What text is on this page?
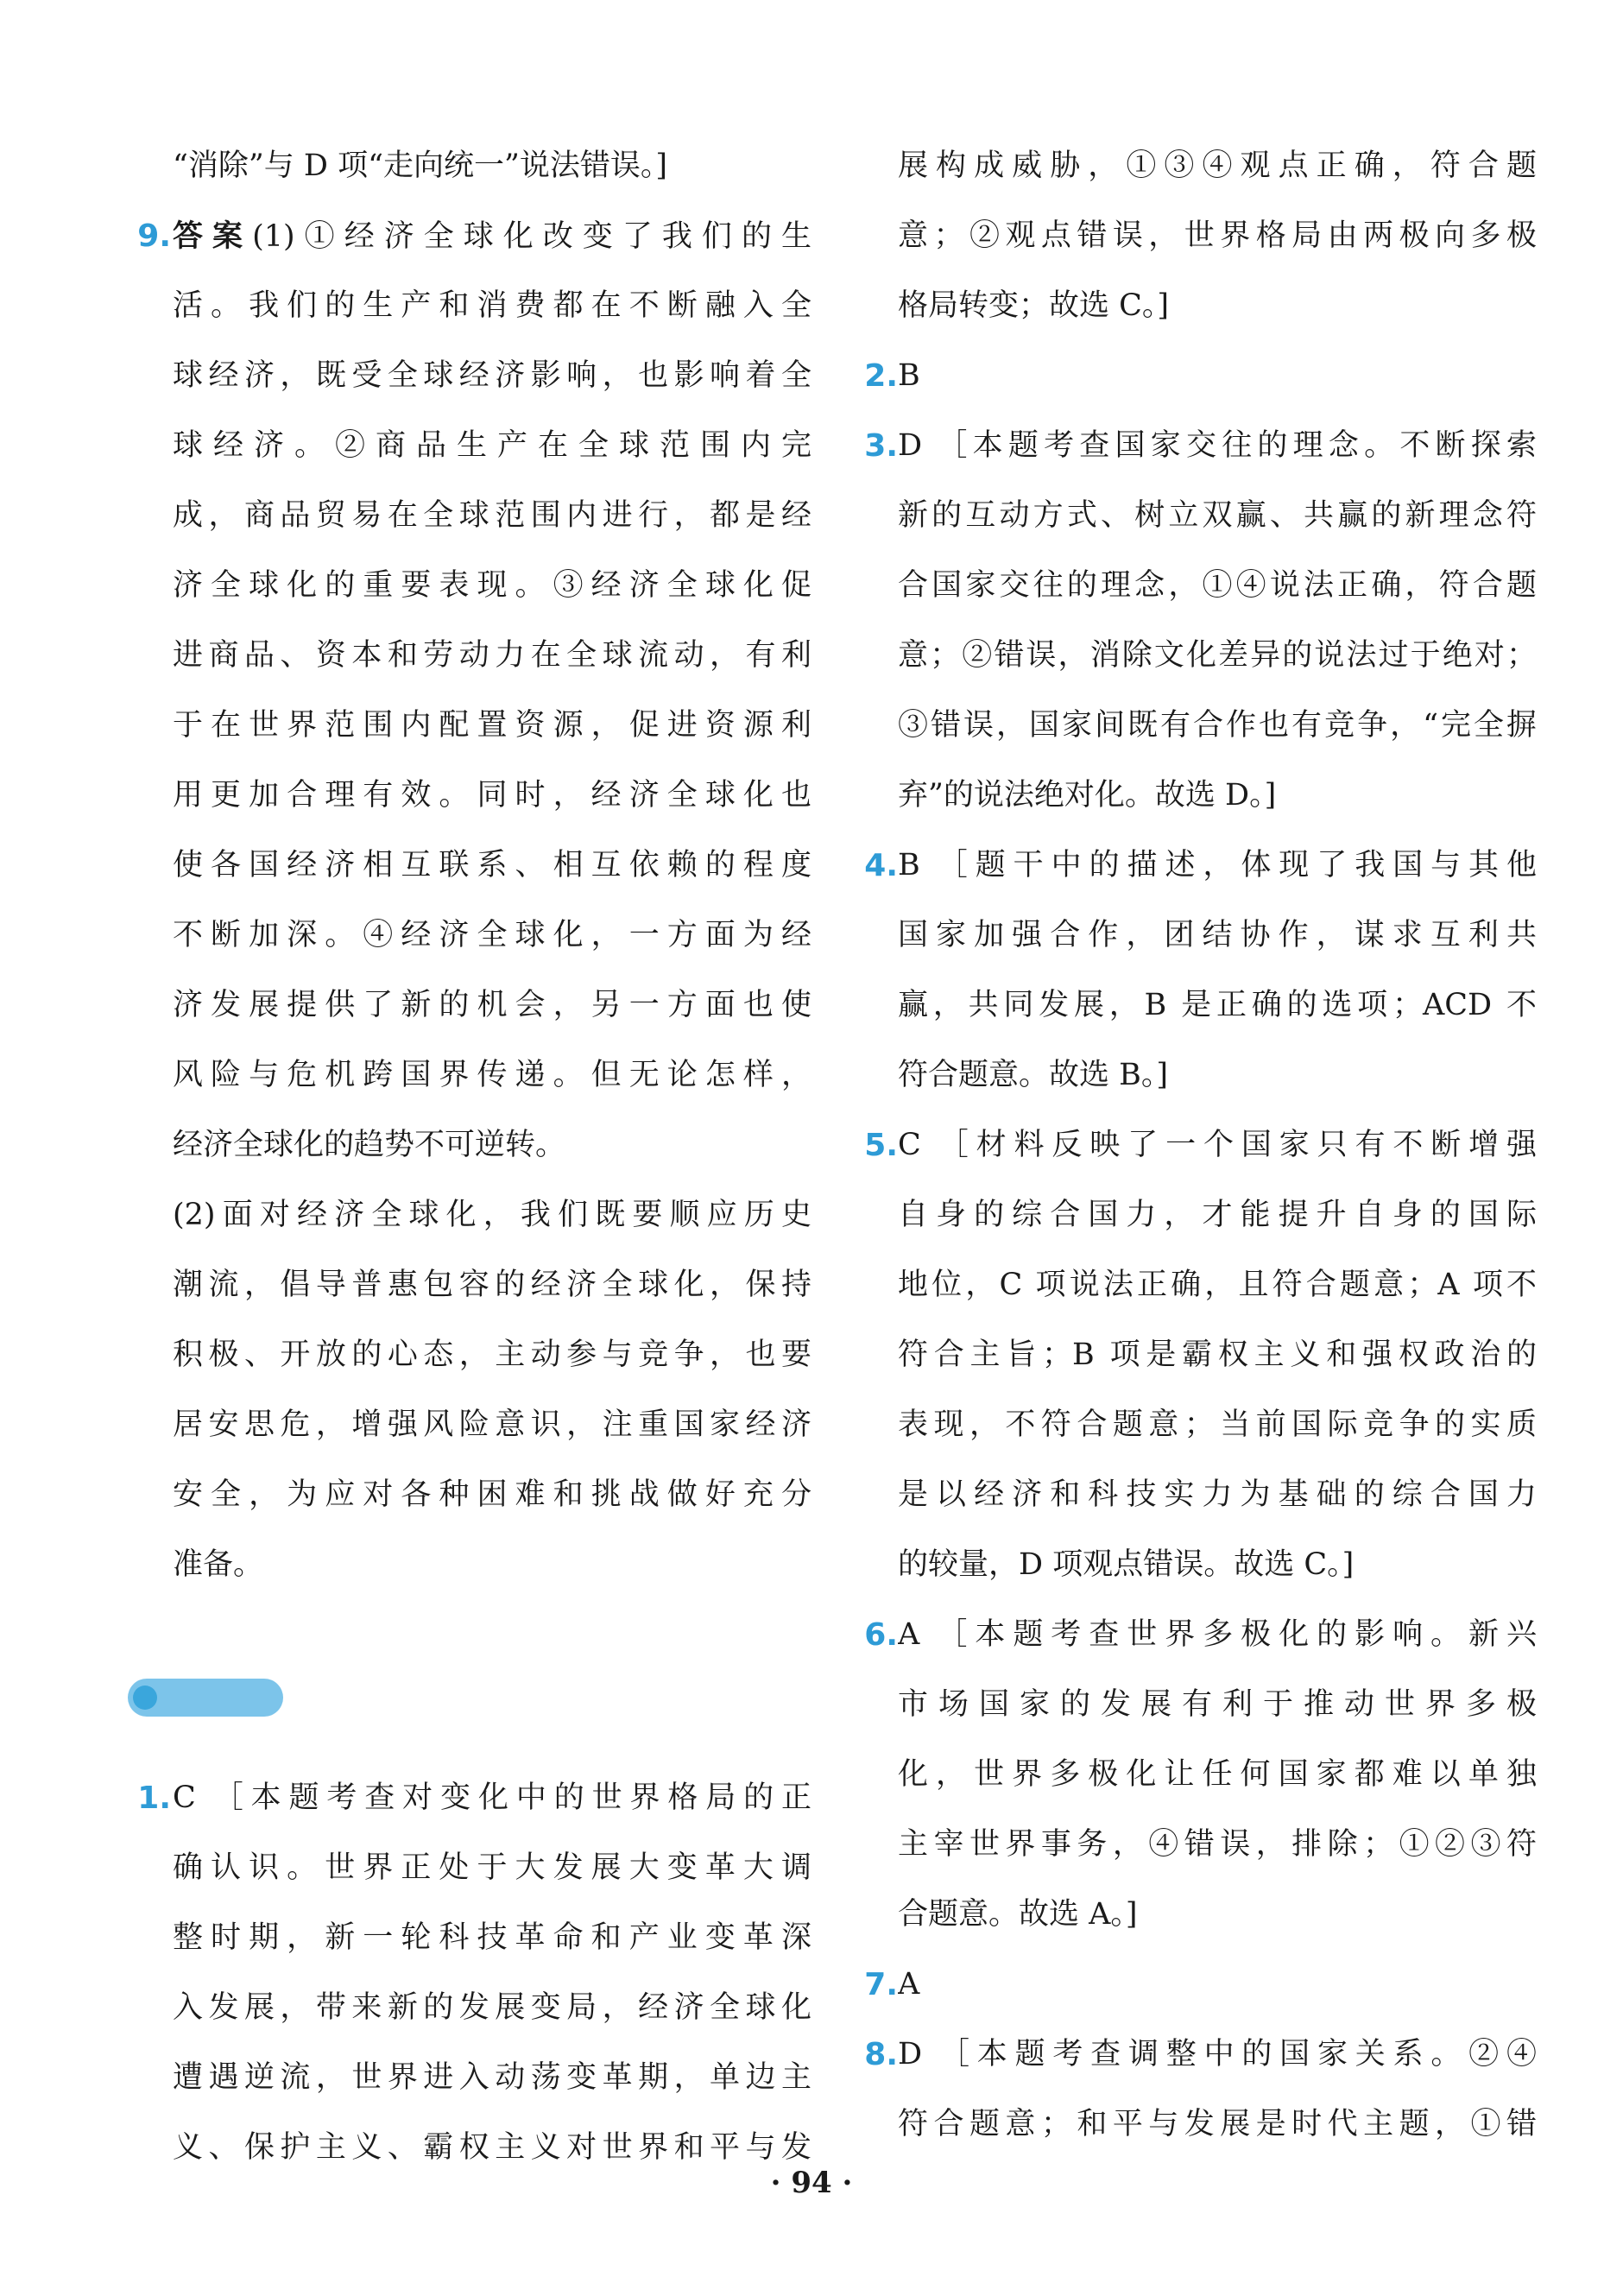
“消除”与 D 项“走向统一”说法错误。]
9. 答案(1)①经济全球化改变了我们的生
活。我们的生产和消费都在不断融入全
球经济，既受全球经济影响，也影响着全
球经济。②商品生产在全球范围内完
成，商品贸易在全球范围内进行，都是经
济全球化的重要表现。③经济全球化促
进商品、资本和劳动力在全球流动，有利
于在世界范围内配置资源，促进资源利
用更加合理有效。同时，经济全球化也
使各国经济相互联系、相互依赖的程度
不断加深。④经济全球化，一方面为经
济发展提供了新的机会，另一方面也使
风险与危机跨国界传递。但无论怎样，
经济全球化的趋势不可逆转。
(2)面对经济全球化，我们既要顺应历史
潮流，倡导普惠包容的经济全球化，保持
积极、开放的心态，主动参与竞争，也要
居安思危，增强风险意识，注重国家经济
安全，为应对各种困难和挑战做好充分
准备。
1. C ［本题考查对变化中的世界格局的正
确认识。世界正处于大发展大变革大调
整时期，新一轮科技革命和产业变革深
入发展，带来新的发展变局，经济全球化
遭遇逆流，世界进入动荡变革期，单边主
义、保护主义、霸权主义对世界和平与发
展构成威胁，①③④观点正确，符合题
意；②观点错误，世界格局由两极向多极
格局转变；故选 C。]
2. B
3. D ［本题考查国家交往的理念。不断探索
新的互动方式、树立双赢、共赢的新理念符
合国家交往的理念，①④说法正确，符合题
意；②错误，消除文化差异的说法过于绝对；
③错误，国家间既有合作也有竞争，“完全摒
弃”的说法绝对化。故选 D。]
4. B ［题干中的描述，体现了我国与其他
国家加强合作，团结协作，谋求互利共
赢，共同发展，B 是正确的选项；ACD 不
符合题意。故选 B。]
5. C ［材料反映了一个国家只有不断增强
自身的综合国力，才能提升自身的国际
地位，C 项说法正确，且符合题意；A 项不
符合主旨；B 项是霸权主义和强权政治的
表现，不符合题意；当前国际竞争的实质
是以经济和科技实力为基础的综合国力
的较量，D 项观点错误。故选 C。]
6. A ［本题考查世界多极化的影响。新兴
市场国家的发展有利于推动世界多极
化，世界多极化让任何国家都难以单独
主宰世界事务，④错误，排除；①②③符
合题意。故选 A。]
7. A
8. D ［本题考查调整中的国家关系。②④
符合题意；和平与发展是时代主题，①错
· 94 ·
